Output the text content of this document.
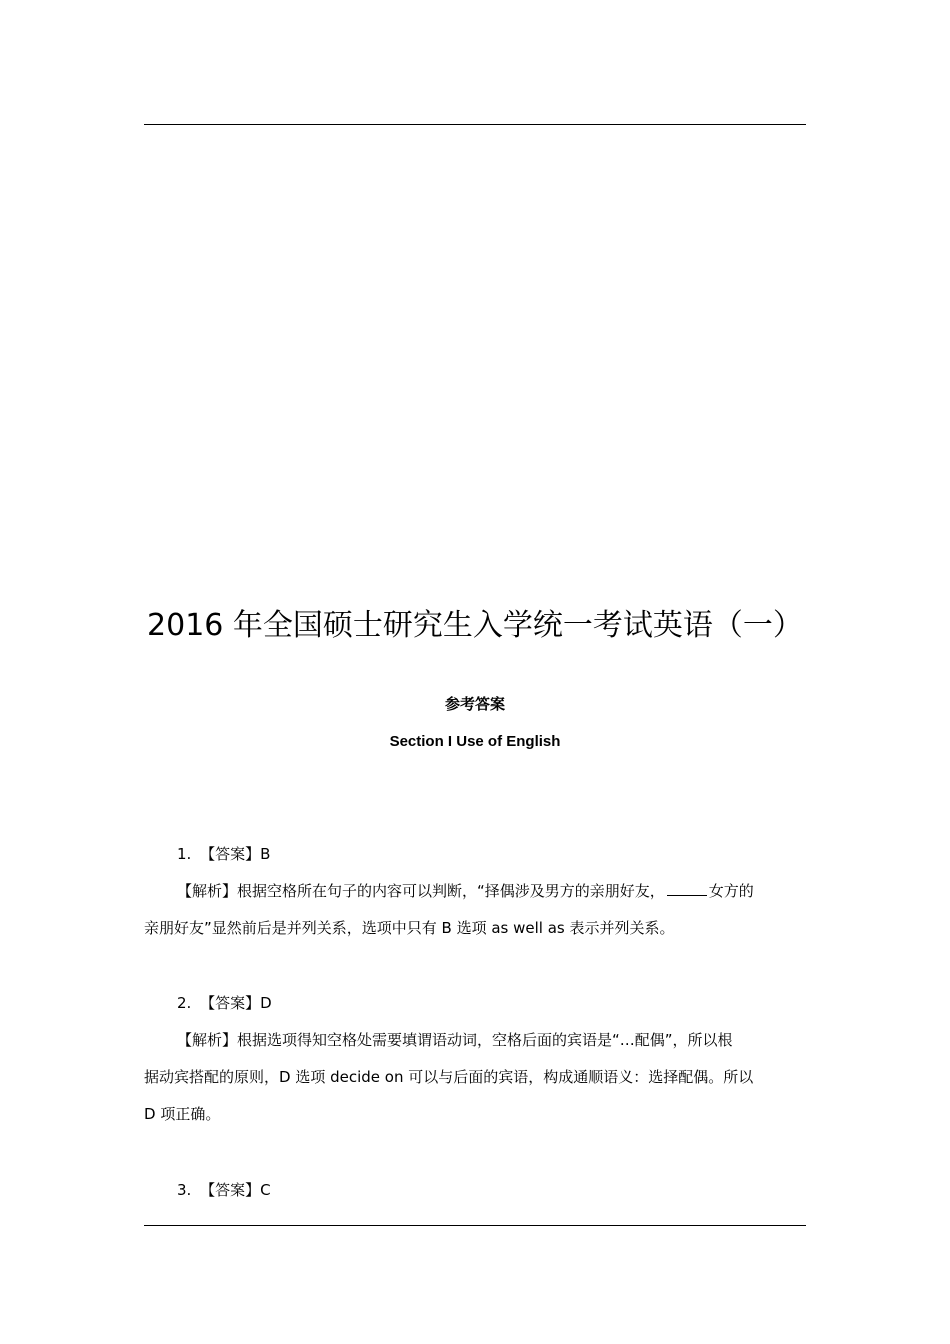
2016 年全国硕士研究生入学统一考试英语（一）
参考答案
Section I Use of English
1. 【答案】B
【解析】根据空格所在句子的内容可以判断，“择偶涉及男方的亲朋好友，	女方的
亲朋好友”显然前后是并列关系，选项中只有 B 选项 as well as 表示并列关系。
2. 【答案】D
【解析】根据选项得知空格处需要填谓语动词，空格后面的宾语是“…配偶”，所以根
据动宾搭配的原则，D 选项 decide on 可以与后面的宾语，构成通顺语义：选择配偶。所以
D 项正确。
3. 【答案】C
